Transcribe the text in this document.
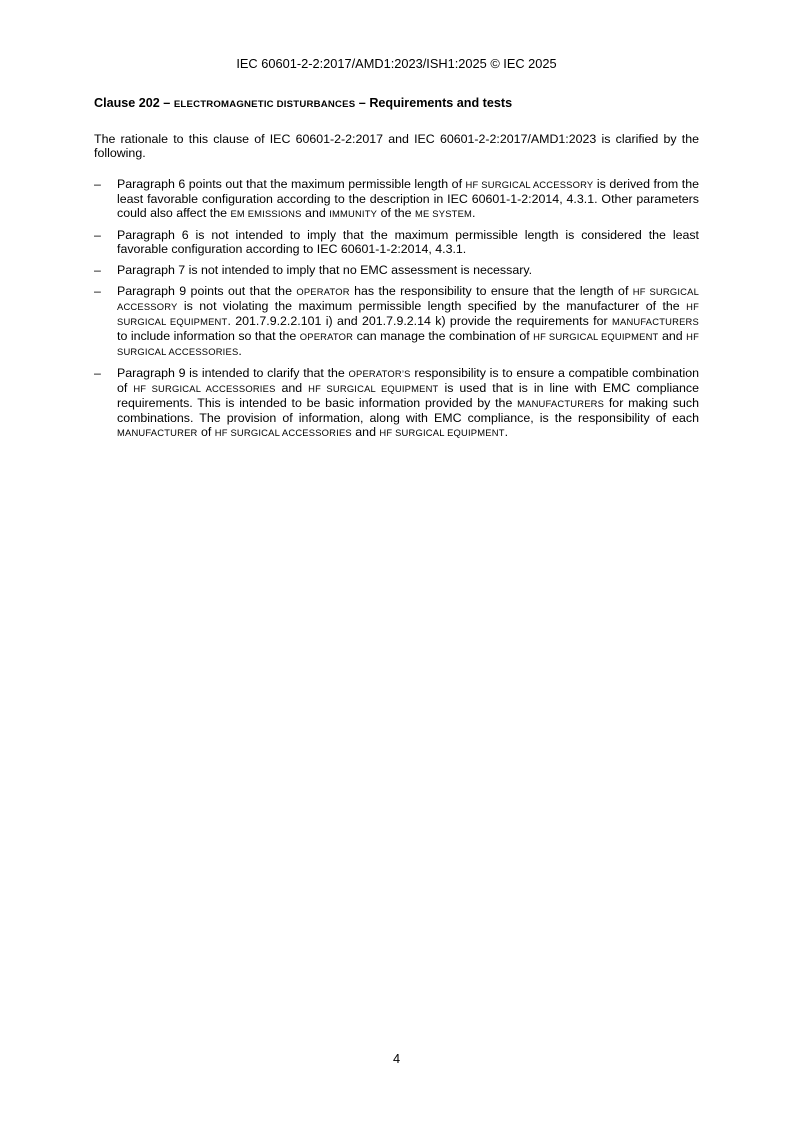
IEC 60601-2-2:2017/AMD1:2023/ISH1:2025 © IEC 2025
Clause 202 – ELECTROMAGNETIC DISTURBANCES – Requirements and tests
The rationale to this clause of IEC 60601-2-2:2017 and IEC 60601-2-2:2017/AMD1:2023 is clarified by the following.
– Paragraph 6 points out that the maximum permissible length of HF SURGICAL ACCESSORY is derived from the least favorable configuration according to the description in IEC 60601-1-2:2014, 4.3.1. Other parameters could also affect the EM EMISSIONS and IMMUNITY of the ME SYSTEM.
– Paragraph 6 is not intended to imply that the maximum permissible length is considered the least favorable configuration according to IEC 60601-1-2:2014, 4.3.1.
– Paragraph 7 is not intended to imply that no EMC assessment is necessary.
– Paragraph 9 points out that the OPERATOR has the responsibility to ensure that the length of HF SURGICAL ACCESSORY is not violating the maximum permissible length specified by the manufacturer of the HF SURGICAL EQUIPMENT. 201.7.9.2.2.101 i) and 201.7.9.2.14 k) provide the requirements for MANUFACTURERS to include information so that the OPERATOR can manage the combination of HF SURGICAL EQUIPMENT and HF SURGICAL ACCESSORIES.
– Paragraph 9 is intended to clarify that the OPERATOR’S responsibility is to ensure a compatible combination of HF SURGICAL ACCESSORIES and HF SURGICAL EQUIPMENT is used that is in line with EMC compliance requirements. This is intended to be basic information provided by the MANUFACTURERS for making such combinations. The provision of information, along with EMC compliance, is the responsibility of each MANUFACTURER of HF SURGICAL ACCESSORIES and HF SURGICAL EQUIPMENT.
4
